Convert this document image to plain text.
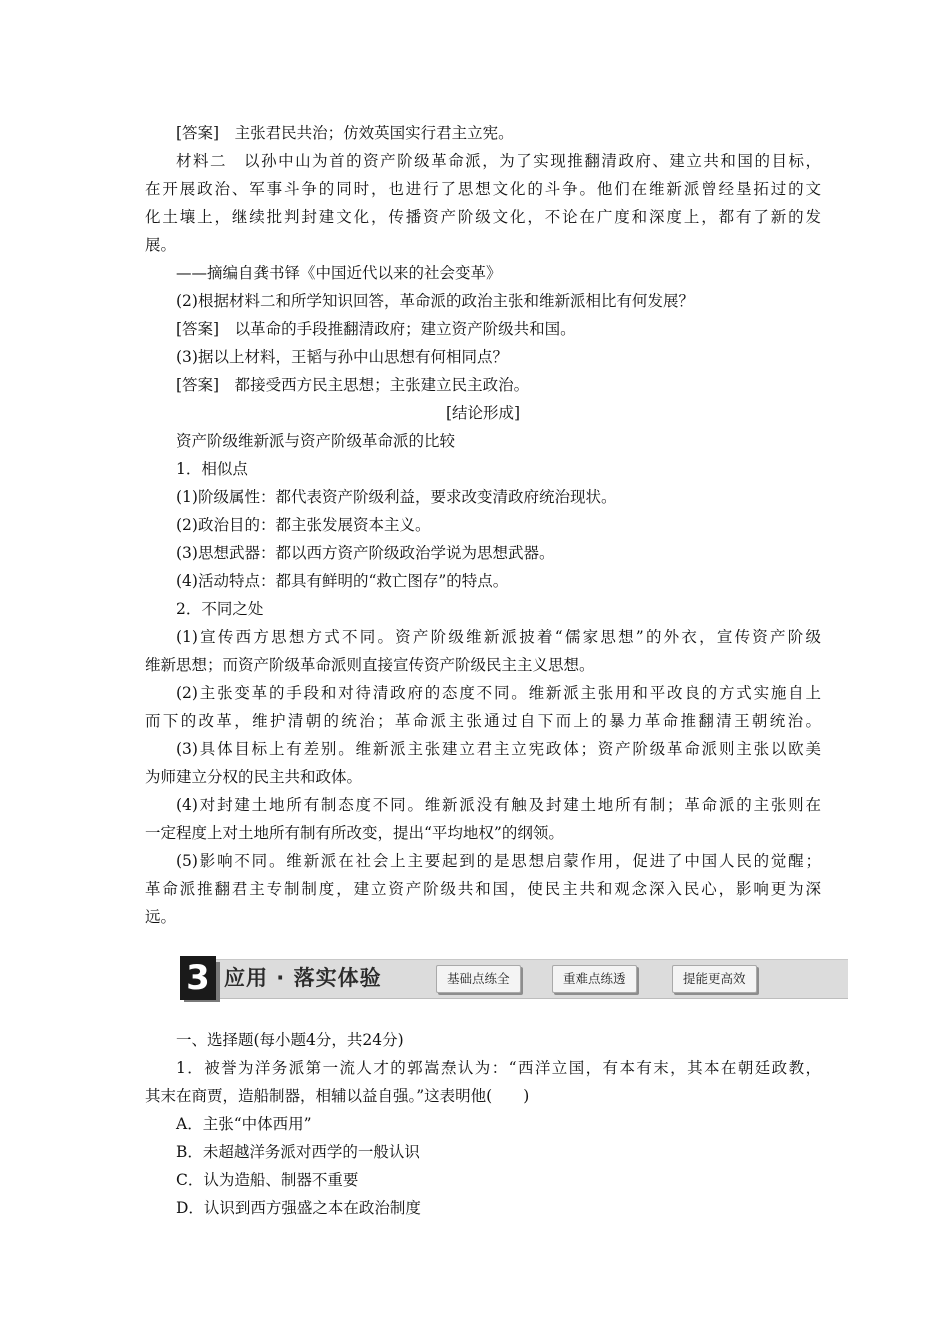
[答案]　主张君民共治；仿效英国实行君主立宪。
材料二　以孙中山为首的资产阶级革命派，为了实现推翻清政府、建立共和国的目标，
在开展政治、军事斗争的同时，也进行了思想文化的斗争。他们在维新派曾经垦拓过的文
化土壤上，继续批判封建文化，传播资产阶级文化，不论在广度和深度上，都有了新的发
展。
——摘编自龚书铎《中国近代以来的社会变革》
(2)根据材料二和所学知识回答，革命派的政治主张和维新派相比有何发展？
[答案]　以革命的手段推翻清政府；建立资产阶级共和国。
(3)据以上材料，王韬与孙中山思想有何相同点？
[答案]　都接受西方民主思想；主张建立民主政治。
[结论形成]
资产阶级维新派与资产阶级革命派的比较
1．相似点
(1)阶级属性：都代表资产阶级利益，要求改变清政府统治现状。
(2)政治目的：都主张发展资本主义。
(3)思想武器：都以西方资产阶级政治学说为思想武器。
(4)活动特点：都具有鲜明的“救亡图存”的特点。
2．不同之处
(1)宣传西方思想方式不同。资产阶级维新派披着“儒家思想”的外衣，宣传资产阶级
维新思想；而资产阶级革命派则直接宣传资产阶级民主主义思想。
(2)主张变革的手段和对待清政府的态度不同。维新派主张用和平改良的方式实施自上
而下的改革，维护清朝的统治；革命派主张通过自下而上的暴力革命推翻清王朝统治。
(3)具体目标上有差别。维新派主张建立君主立宪政体；资产阶级革命派则主张以欧美
为师建立分权的民主共和政体。
(4)对封建土地所有制态度不同。维新派没有触及封建土地所有制；革命派的主张则在
一定程度上对土地所有制有所改变，提出“平均地权”的纲领。
(5)影响不同。维新派在社会上主要起到的是思想启蒙作用，促进了中国人民的觉醒；
革命派推翻君主专制制度，建立资产阶级共和国，使民主共和观念深入民心，影响更为深
远。
3 应用 · 落实体验	基础点练全	重难点练透	提能更高效
一、选择题(每小题4分，共24分)
1．被誉为洋务派第一流人才的郭嵩焘认为：“西洋立国，有本有末，其本在朝廷政教，
其末在商贾，造船制器，相辅以益自强。”这表明他(　　)
A．主张“中体西用”
B．未超越洋务派对西学的一般认识
C．认为造船、制器不重要
D．认识到西方强盛之本在政治制度
